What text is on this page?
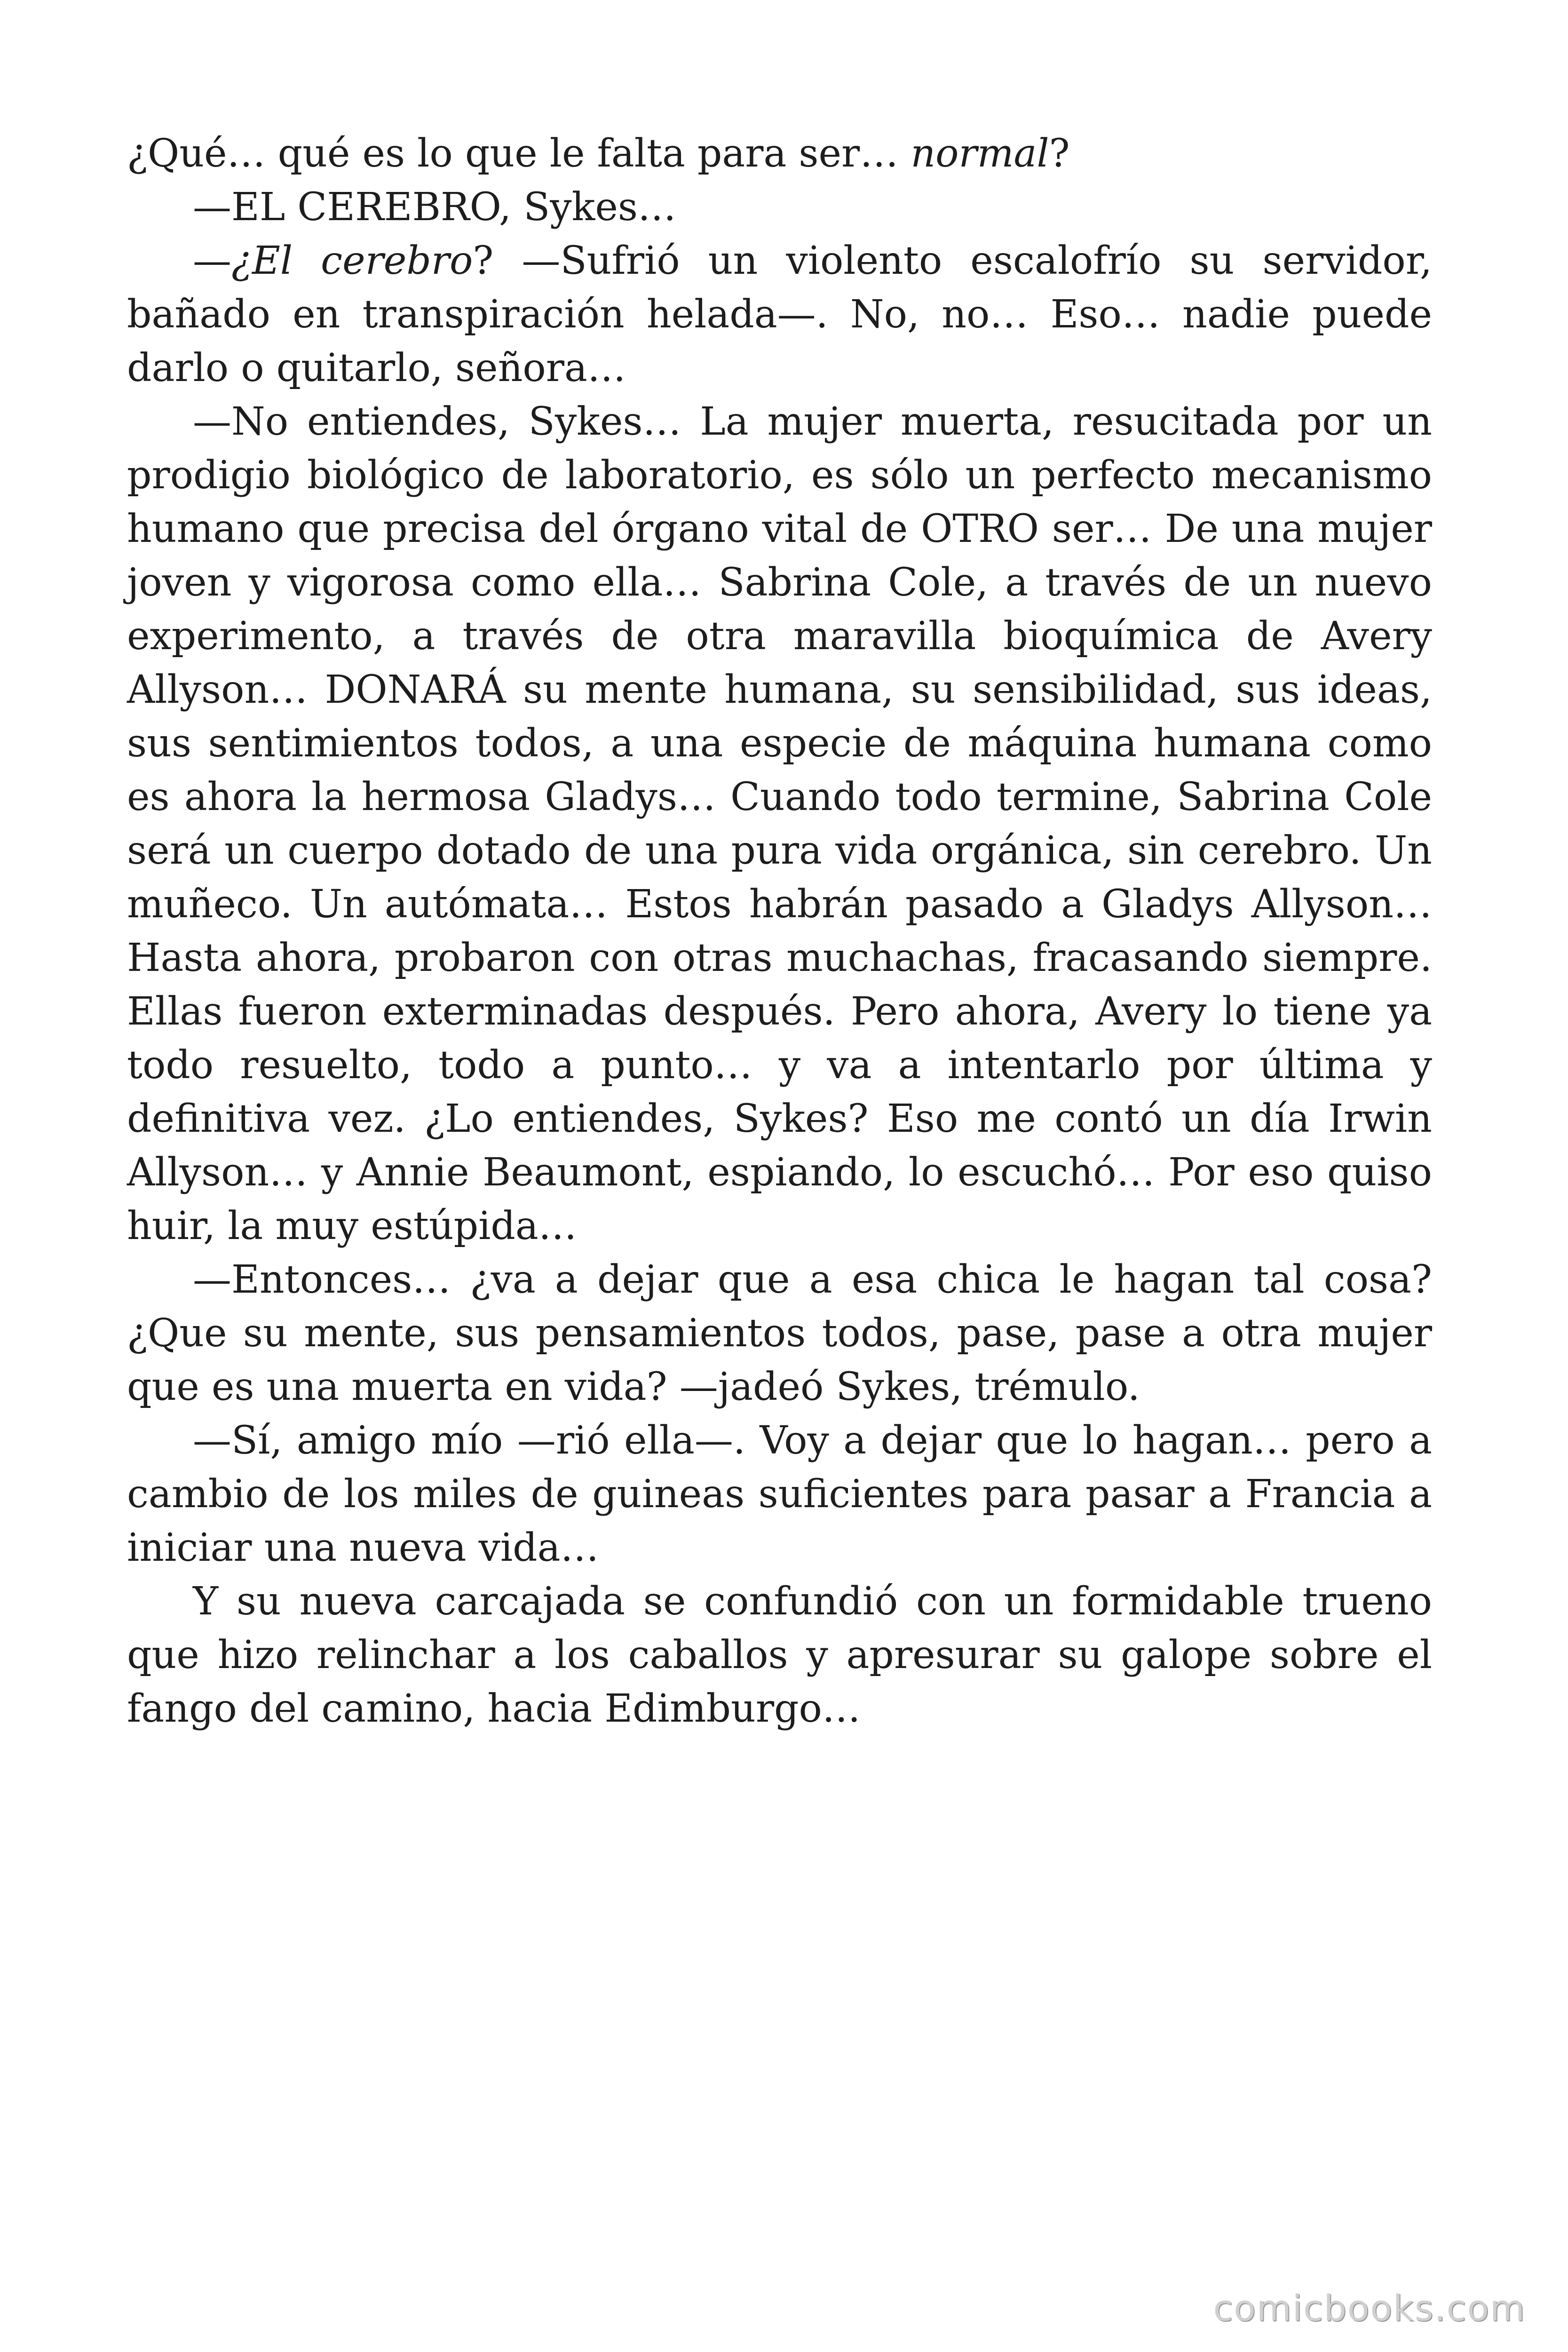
¿Qué… qué es lo que le falta para ser… normal?

—EL CEREBRO, Sykes…

—¿El cerebro? —Sufrió un violento escalofrío su servidor, bañado en transpiración helada—. No, no… Eso… nadie puede darlo o quitarlo, señora…

—No entiendes, Sykes… La mujer muerta, resucitada por un prodigio biológico de laboratorio, es sólo un perfecto mecanismo humano que precisa del órgano vital de OTRO ser… De una mujer joven y vigorosa como ella… Sabrina Cole, a través de un nuevo experimento, a través de otra maravilla bioquímica de Avery Allyson… DONARÁ su mente humana, su sensibilidad, sus ideas, sus sentimientos todos, a una especie de máquina humana como es ahora la hermosa Gladys… Cuando todo termine, Sabrina Cole será un cuerpo dotado de una pura vida orgánica, sin cerebro. Un muñeco. Un autómata… Estos habrán pasado a Gladys Allyson… Hasta ahora, probaron con otras muchachas, fracasando siempre. Ellas fueron exterminadas después. Pero ahora, Avery lo tiene ya todo resuelto, todo a punto… y va a intentarlo por última y definitiva vez. ¿Lo entiendes, Sykes? Eso me contó un día Irwin Allyson… y Annie Beaumont, espiando, lo escuchó… Por eso quiso huir, la muy estúpida…

—Entonces… ¿va a dejar que a esa chica le hagan tal cosa? ¿Que su mente, sus pensamientos todos, pase, pase a otra mujer que es una muerta en vida? —jadeó Sykes, trémulo.

—Sí, amigo mío —rió ella—. Voy a dejar que lo hagan… pero a cambio de los miles de guineas suficientes para pasar a Francia a iniciar una nueva vida…

Y su nueva carcajada se confundió con un formidable trueno que hizo relinchar a los caballos y apresurar su galope sobre el fango del camino, hacia Edimburgo…

comicbooks.com
